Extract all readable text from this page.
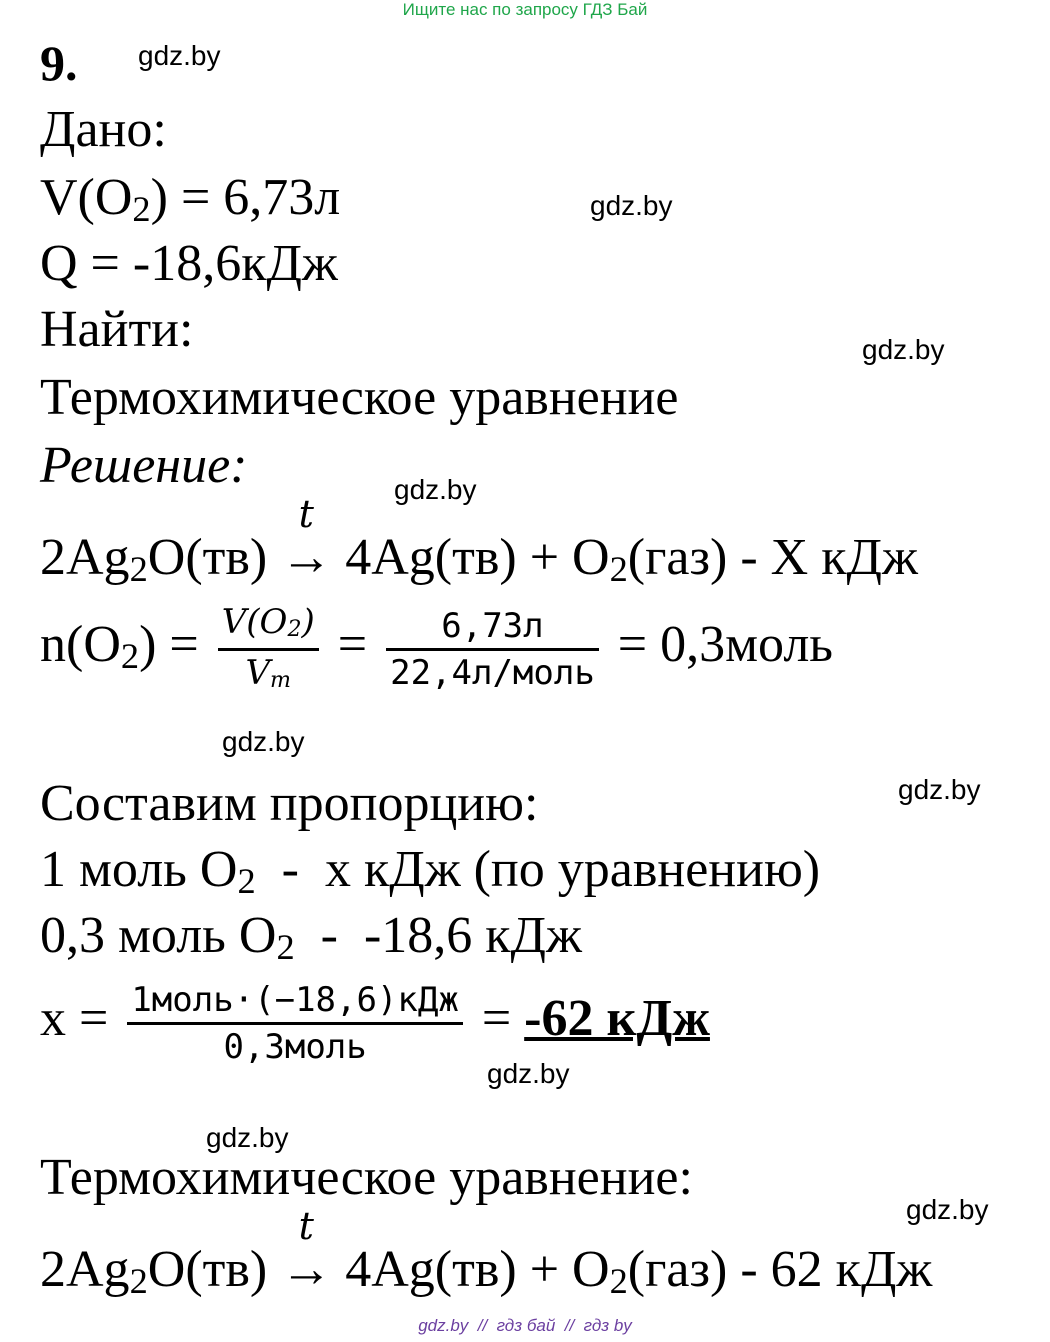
Ищите нас по запросу ГДЗ Бай
gdz.by
gdz.by
gdz.by
gdz.by
gdz.by
gdz.by
gdz.by
gdz.by
gdz.by
9.
Дано:
V(O2) = 6,73л
Q = -18,6кДж
Найти:
Термохимическое уравнение
Решение:
2Ag2O(тв)
t
→ 4Ag(тв) + O2(газ) - Х кДж
$n(O2) = \frac{V(O2)}{Vm} = \frac{6,73л}{\text{22,4л/моль}}$ = 0,3моль
Составим пропорцию:
1 моль O2  -  х кДж (по уравнению)
0,3 моль O2  -  -18,6 кДж
$х = \frac{\text{1моль·(−18,6)кДж}}{\text{0,3моль}} = -62$ кДж
Термохимическое уравнение:
2Ag2O(тв)
t
→ 4Ag(тв) + O2(газ) - 62 кДж
gdz.by  //  гдз бай  //  гдз by
